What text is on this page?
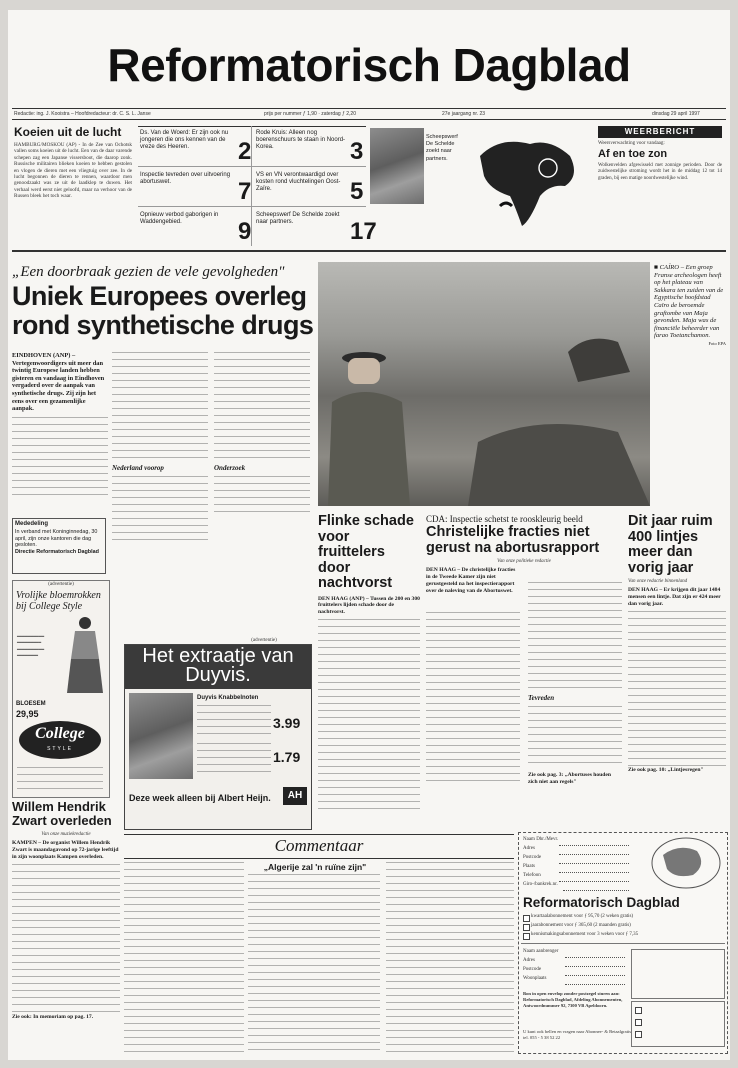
Reformatorisch Dagblad
Redactie: ing. J. Kooistra – Hoofdredacteur: dr. C. S. L. Janse	prijs per nummer ƒ 1,90 · zaterdag ƒ 2,20	27e jaargang nr. 23	dinsdag 29 april 1997
Koeien uit de lucht
HAMBURG/MOSKOU (AP) - In de Zee van Ochotsk vallen soms koeien uit de lucht. Een van de daar varende schepen zag een Japanse vissersboot, die daarop zonk. Russische militairen blieken koeien te hebben gestolen en vlogen de dieren met een vliegtuig over zee. In de lucht begonnen de dieren te rennen, waardoor men genoodzaakt was ze uit de laadklep te duwen. Het verhaal werd eerst niet geloofd, maar na verhoor van de Russen bleek het toch waar.
Ds. Van de Woerd: Er zijn ook nu jongeren die ons kennen van de vreze des Heeren.	2
Rode Kruis: Alleen nog boerenschuurs te staan in Noord-Korea.	3
Inspectie tevreden over uitvoering abortuswet.	7
VS en VN verontwaardigd over kosten rond vluchtelingen Oost-Zaïre.	5
Opnieuw verbod gaborigen in Waddengebied.	9
Scheepswerf De Schelde zoekt naar partners.	17
Scheepswerf De Schelde zoekt naar partners.
WEERBERICHT
Weersverwachting voor vandaag:
Af en toe zon
Wolkenvelden afgewisseld met zonnige perioden. Door de zuidwestelijke stroming wordt het in de middag 12 tot 14 graden, bij een matige noordwestelijke wind.
„Een doorbraak gezien de vele gevolgheden"
Uniek Europees overleg
rond synthetische drugs
EINDHOVEN (ANP) – Vertegenwoordigers uit meer dan twintig Europese landen hebben gisteren en vandaag in Eindhoven vergaderd over de aanpak van synthetische drugs. Zij zijn het eens over een gezamenlijke aanpak.
Nederland voorop	Onderzoek
■ CAÏRO – Een groep Franse archeologen heeft op het plateau van Sakkara ten zuiden van de Egyptische hoofdstad Caïro de beroemde graftombe van Maja gevonden. Maja was de financiële beheerder van farao Toetanchamon.
Foto EPA
Mededeling
In verband met Koninginnedag, 30 april, zijn onze kantoren die dag gesloten.
Directie Reformatorisch Dagblad
(advertentie)
Vrolijke bloemrokken bij College Style
━━━━━━━━━
━━━━━━━━
━━━━━━━━━
━━━━━━━
BLOESEM
29,95
College
STYLE
(advertentie)
Het extraatje van Duyvis.
Duyvis Knabbelnoten
3.99
1.79
Deze week alleen bij Albert Heijn.	AH
Flinke schade voor fruittelers door nachtvorst
DEN HAAG (ANP) – Tussen de 200 en 300 fruittelers lijden schade door de nachtvorst.
CDA: Inspectie schetst te rooskleurig beeld
Christelijke fracties niet gerust na abortusrapport
Van onze politieke redactie
DEN HAAG – De christelijke fracties in de Tweede Kamer zijn niet gerustgesteld na het inspectierapport over de naleving van de Abortuswet.
Tevreden
Zie ook pag. 3: „Abortuses houden zich niet aan regels"
Dit jaar ruim 400 lintjes meer dan vorig jaar
Van onze redactie binnenland
DEN HAAG – Er krijgen dit jaar 1484 mensen een lintje. Dat zijn er 424 meer dan vorig jaar.
Zie ook pag. 10: „Lintjesregen"
Willem Hendrik
Zwart overleden
Van onze muziekredactie
KAMPEN – De organist Willem Hendrik Zwart is maandagavond op 72-jarige leeftijd in zijn woonplaats Kampen overleden.
Zie ook: In memoriam op pag. 17.
Commentaar
„Algerije zal 'n ruïne zijn"
Naam Dhr./Mevr.
Adres
Postcode
Plaats
Telefoon
Giro-/bankrek.nr.
Reformatorisch Dagblad
kwartaalabonnement voor ƒ 95,70 (2 weken gratis)
jaarabonnement voor ƒ 365,60 (2 maanden gratis)
kennismakingsabonnement voor 3 weken voor ƒ 7,35
Naam aanbrenger
Adres
Postcode
Woonplaats
Bon in open envelop zonder postzegel sturen aan: Reformatorisch Dagblad, Afdeling Abonnementen, Antwoordnummer 92, 7300 VB Apeldoorn.
U kunt ook bellen en vragen naar Abonnee- & Betaalgratis tel. 055 - 5 38 52 22
